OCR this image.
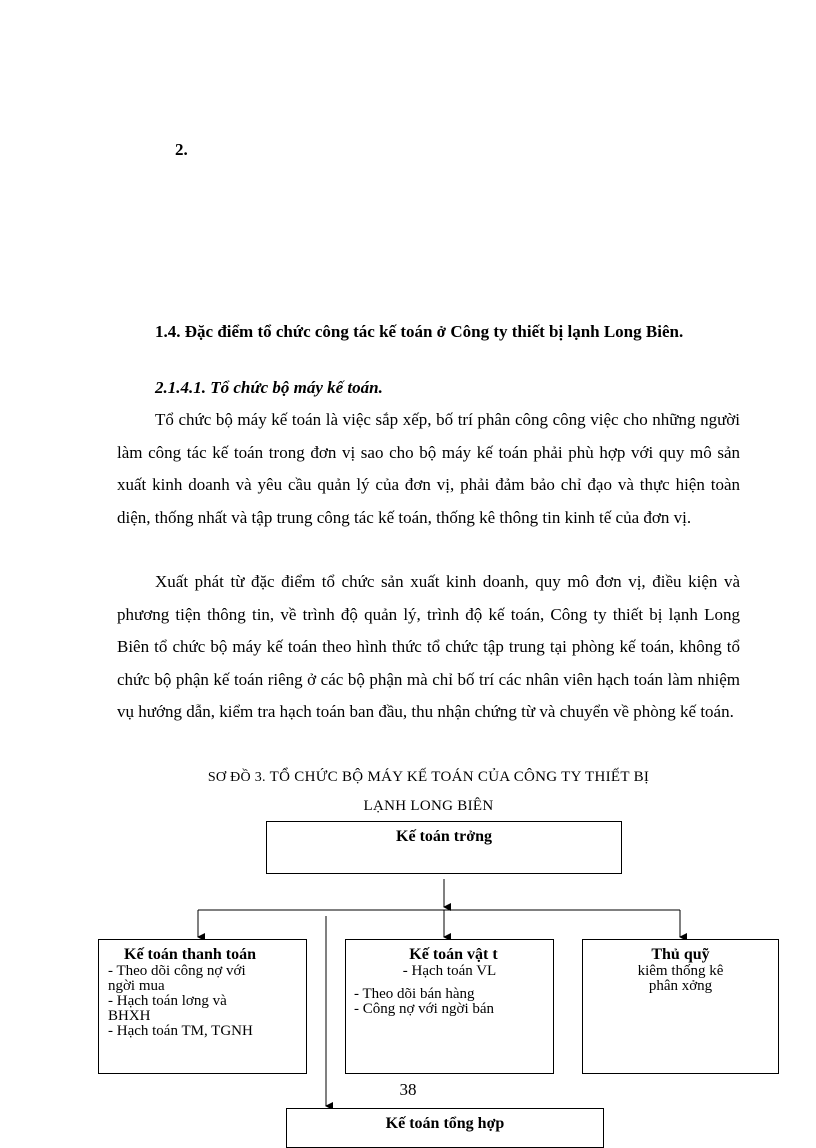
2.
1.4. Đặc điểm tổ chức công tác kế toán ở Công ty thiết bị lạnh Long Biên.
2.1.4.1. Tổ chức bộ máy kế toán.

Tổ chức bộ máy kế toán là việc sắp xếp, bố trí phân công công việc cho những người làm công tác kế toán trong đơn vị sao cho bộ máy kế toán phải phù hợp với quy mô sản xuất kinh doanh và yêu cầu quản lý của đơn vị, phải đảm bảo chỉ đạo và thực hiện toàn diện, thống nhất và tập trung công tác kế toán, thống kê thông tin kinh tế của đơn vị.

Xuất phát từ đặc điểm tổ chức sản xuất kinh doanh, quy mô đơn vị, điều kiện và phương tiện thông tin, về trình độ quản lý, trình độ kế toán, Công ty thiết bị lạnh Long Biên tổ chức bộ máy kế toán theo hình thức tổ chức tập trung tại phòng kế toán, không tổ chức bộ phận kế toán riêng ở các bộ phận mà chỉ bố trí các nhân viên hạch toán làm nhiệm vụ hướng dẫn, kiểm tra hạch toán ban đầu, thu nhận chứng từ và chuyển về phòng kế toán.

SƠ ĐỒ 3. TỔ CHỨC BỘ MÁY KẾ TOÁN CỦA CÔNG TY THIẾT BỊ
LẠNH LONG BIÊN
Kế toán trởng
Kế toán thanh toán
- Theo dõi công nợ với
ngời mua
- Hạch toán lơng và
BHXH
- Hạch toán TM, TGNH
Kế toán vật t
- Hạch toán VL
- Theo dõi bán hàng
- Công nợ với ngời bán
Thủ quỹ
kiêm thống kê
phân xởng
38
Kế toán tổng hợp
